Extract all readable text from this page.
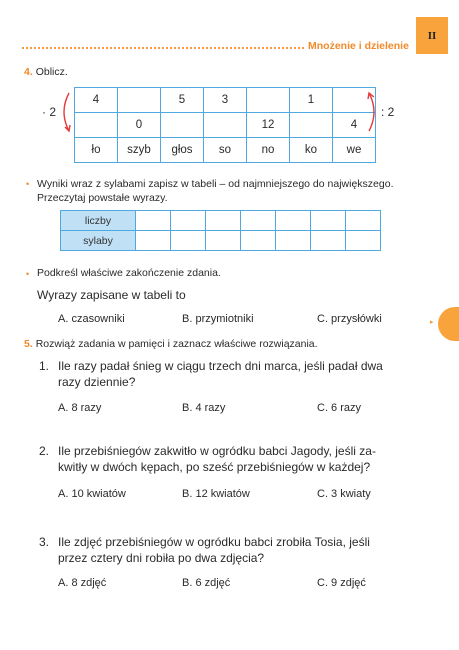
Mnożenie i dzielenie
II
▸
4. Oblicz.
· 2
4		5	3		1	
	0			12		4
ło	szyb	głos	so	no	ko	we
: 2
• Wyniki wraz z sylabami zapisz w tabeli – od najmniejszego do największego.
Przeczytaj powstałe wyrazy.
liczby							
sylaby							
• Podkreśl właściwe zakończenie zdania.
Wyrazy zapisane w tabeli to
A. czasowniki	B. przymiotniki	C. przysłówki
5. Rozwiąż zadania w pamięci i zaznacz właściwe rozwiązania.
1. Ile razy padał śnieg w ciągu trzech dni marca, jeśli padał dwa
razy dziennie?
A. 8 razy	B. 4 razy	C. 6 razy
2. Ile przebiśniegów zakwitło w ogródku babci Jagody, jeśli za-
kwitły w dwóch kępach, po sześć przebiśniegów w każdej?
A. 10 kwiatów	B. 12 kwiatów	C. 3 kwiaty
3. Ile zdjęć przebiśniegów w ogródku babci zrobiła Tosia, jeśli
przez cztery dni robiła po dwa zdjęcia?
A. 8 zdjęć	B. 6 zdjęć	C. 9 zdjęć
